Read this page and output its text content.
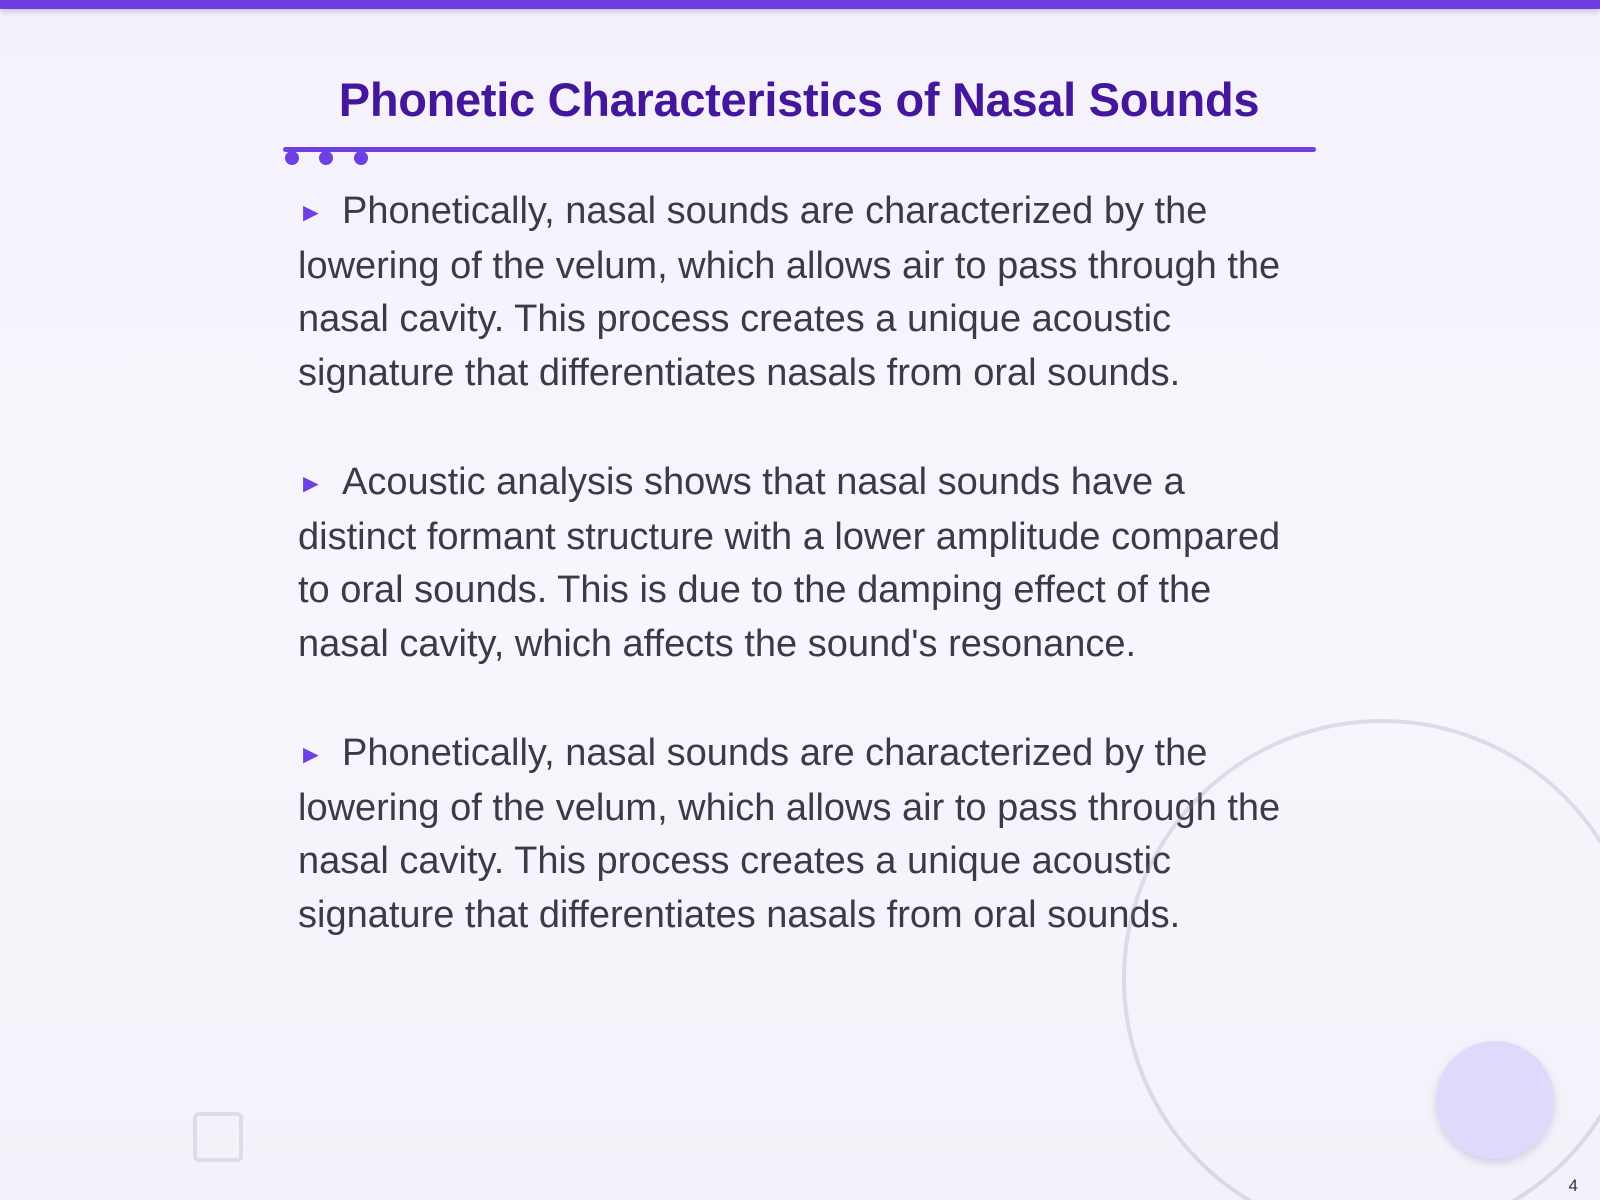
Phonetic Characteristics of Nasal Sounds
► Phonetically, nasal sounds are characterized by the lowering of the velum, which allows air to pass through the nasal cavity. This process creates a unique acoustic signature that differentiates nasals from oral sounds.
► Acoustic analysis shows that nasal sounds have a distinct formant structure with a lower amplitude compared to oral sounds. This is due to the damping effect of the nasal cavity, which affects the sound's resonance.
► Phonetically, nasal sounds are characterized by the lowering of the velum, which allows air to pass through the nasal cavity. This process creates a unique acoustic signature that differentiates nasals from oral sounds.
4
